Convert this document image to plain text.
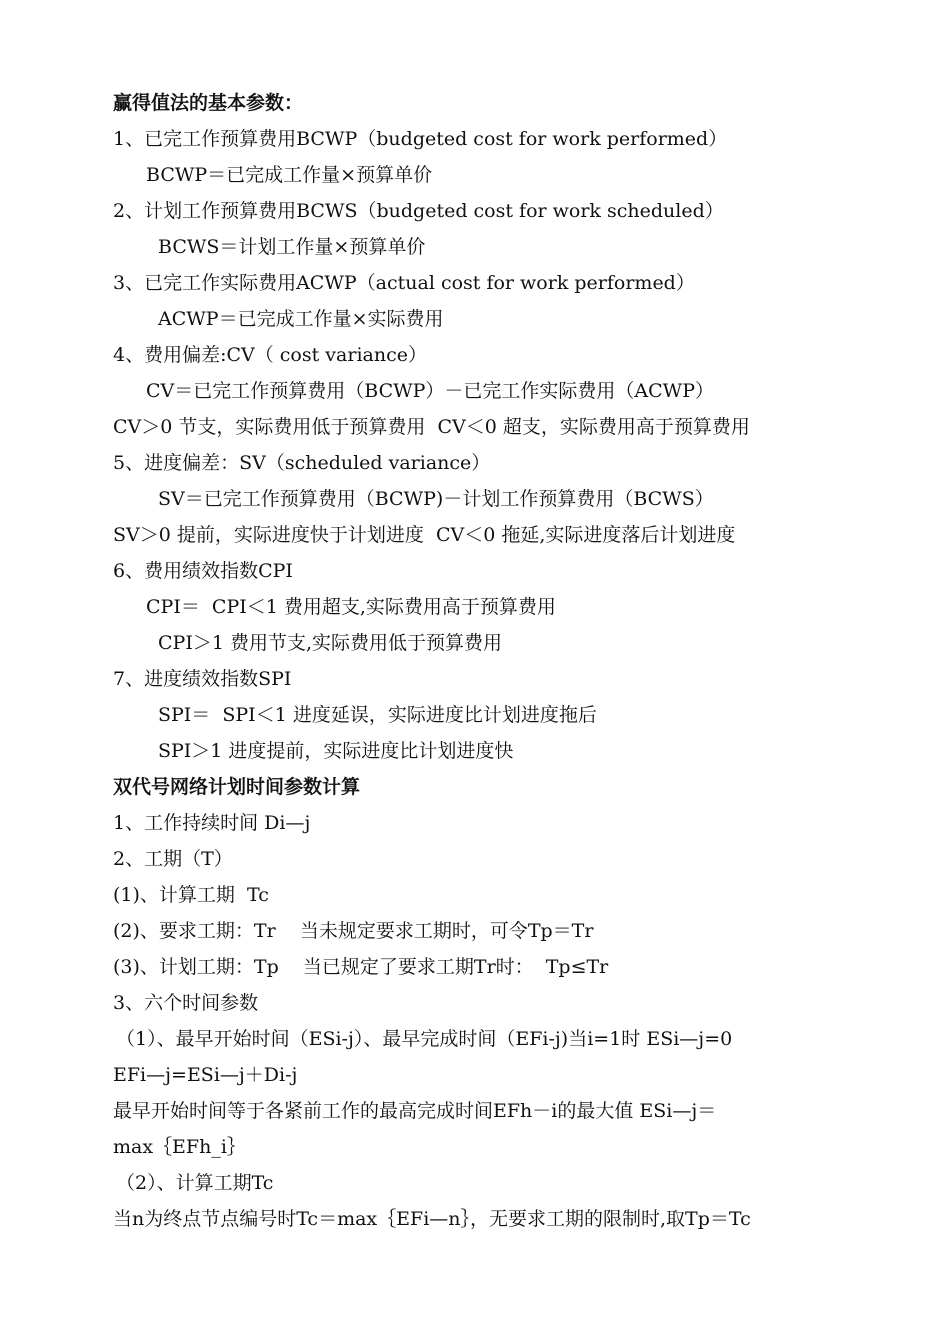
赢得值法的基本参数：
1、已完工作预算费用BCWP（budgeted cost for work performed）
BCWP＝已完成工作量×预算单价
2、计划工作预算费用BCWS（budgeted cost for work scheduled）
BCWS＝计划工作量×预算单价
3、已完工作实际费用ACWP（actual cost for work performed）
ACWP＝已完成工作量×实际费用
4、费用偏差:CV（ cost variance）
CV＝已完工作预算费用（BCWP）－已完工作实际费用（ACWP）
CV＞0 节支，实际费用低于预算费用  CV＜0 超支，实际费用高于预算费用
5、进度偏差：SV（scheduled variance）
SV＝已完工作预算费用（BCWP)－计划工作预算费用（BCWS）
SV＞0 提前，实际进度快于计划进度  CV＜0 拖延,实际进度落后计划进度
6、费用绩效指数CPI
CPI＝  CPI＜1 费用超支,实际费用高于预算费用
CPI＞1 费用节支,实际费用低于预算费用
7、进度绩效指数SPI
SPI＝  SPI＜1 进度延误，实际进度比计划进度拖后
SPI＞1 进度提前，实际进度比计划进度快
双代号网络计划时间参数计算
1、工作持续时间 Di—j
2、工期（T）
(1)、计算工期  Tc
(2)、要求工期：Tr    当未规定要求工期时，可令Tp＝Tr
(3)、计划工期：Tp    当已规定了要求工期Tr时：  Tp≤Tr
3、六个时间参数
（1）、最早开始时间（ESi-j）、最早完成时间（EFi-j)当i=1时 ESi—j=0
EFi—j=ESi—j＋Di-j
最早开始时间等于各紧前工作的最高完成时间EFh－i的最大值 ESi—j＝
max｛EFh_i｝
（2）、计算工期Tc
当n为终点节点编号时Tc＝max｛EFi—n｝，无要求工期的限制时,取Tp＝Tc
